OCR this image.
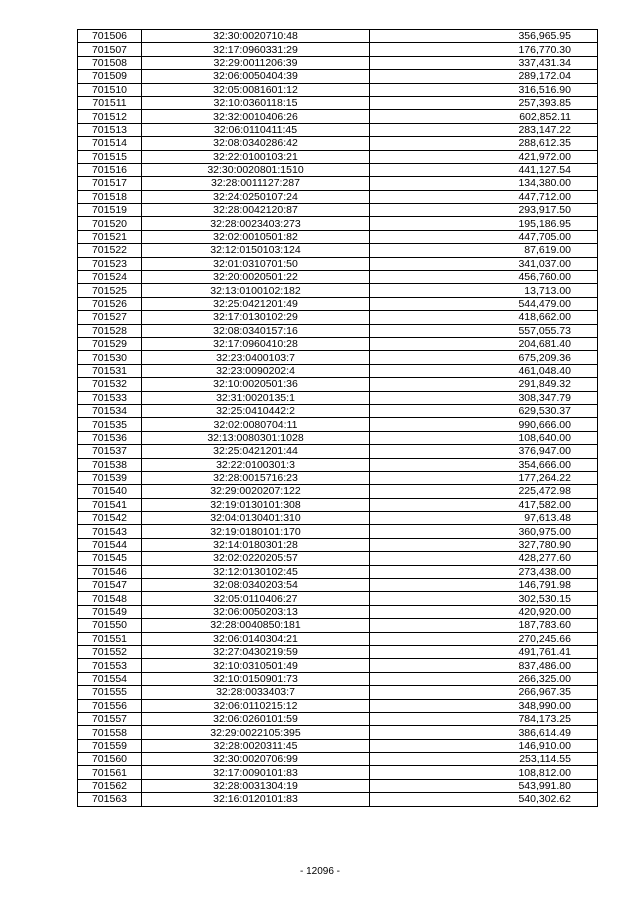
701506	32:30:0020710:48	356,965.95
701507	32:17:0960331:29	176,770.30
701508	32:29:0011206:39	337,431.34
701509	32:06:0050404:39	289,172.04
701510	32:05:0081601:12	316,516.90
701511	32:10:0360118:15	257,393.85
701512	32:32:0010406:26	602,852.11
701513	32:06:0110411:45	283,147.22
701514	32:08:0340286:42	288,612.35
701515	32:22:0100103:21	421,972.00
701516	32:30:0020801:1510	441,127.54
701517	32:28:0011127:287	134,380.00
701518	32:24:0250107:24	447,712.00
701519	32:28:0042120:87	293,917.50
701520	32:28:0023403:273	195,186.95
701521	32:02:0010501:82	447,705.00
701522	32:12:0150103:124	87,619.00
701523	32:01:0310701:50	341,037.00
701524	32:20:0020501:22	456,760.00
701525	32:13:0100102:182	13,713.00
701526	32:25:0421201:49	544,479.00
701527	32:17:0130102:29	418,662.00
701528	32:08:0340157:16	557,055.73
701529	32:17:0960410:28	204,681.40
701530	32:23:0400103:7	675,209.36
701531	32:23:0090202:4	461,048.40
701532	32:10:0020501:36	291,849.32
701533	32:31:0020135:1	308,347.79
701534	32:25:0410442:2	629,530.37
701535	32:02:0080704:11	990,666.00
701536	32:13:0080301:1028	108,640.00
701537	32:25:0421201:44	376,947.00
701538	32:22:0100301:3	354,666.00
701539	32:28:0015716:23	177,264.22
701540	32:29:0020207:122	225,472.98
701541	32:19:0130101:308	417,582.00
701542	32:04:0130401:310	97,613.48
701543	32:19:0180101:170	360,975.00
701544	32:14:0180301:28	327,780.90
701545	32:02:0220205:57	428,277.60
701546	32:12:0130102:45	273,438.00
701547	32:08:0340203:54	146,791.98
701548	32:05:0110406:27	302,530.15
701549	32:06:0050203:13	420,920.00
701550	32:28:0040850:181	187,783.60
701551	32:06:0140304:21	270,245.66
701552	32:27:0430219:59	491,761.41
701553	32:10:0310501:49	837,486.00
701554	32:10:0150901:73	266,325.00
701555	32:28:0033403:7	266,967.35
701556	32:06:0110215:12	348,990.00
701557	32:06:0260101:59	784,173.25
701558	32:29:0022105:395	386,614.49
701559	32:28:0020311:45	146,910.00
701560	32:30:0020706:99	253,114.55
701561	32:17:0090101:83	108,812.00
701562	32:28:0031304:19	543,991.80
701563	32:16:0120101:83	540,302.62
- 12096 -
